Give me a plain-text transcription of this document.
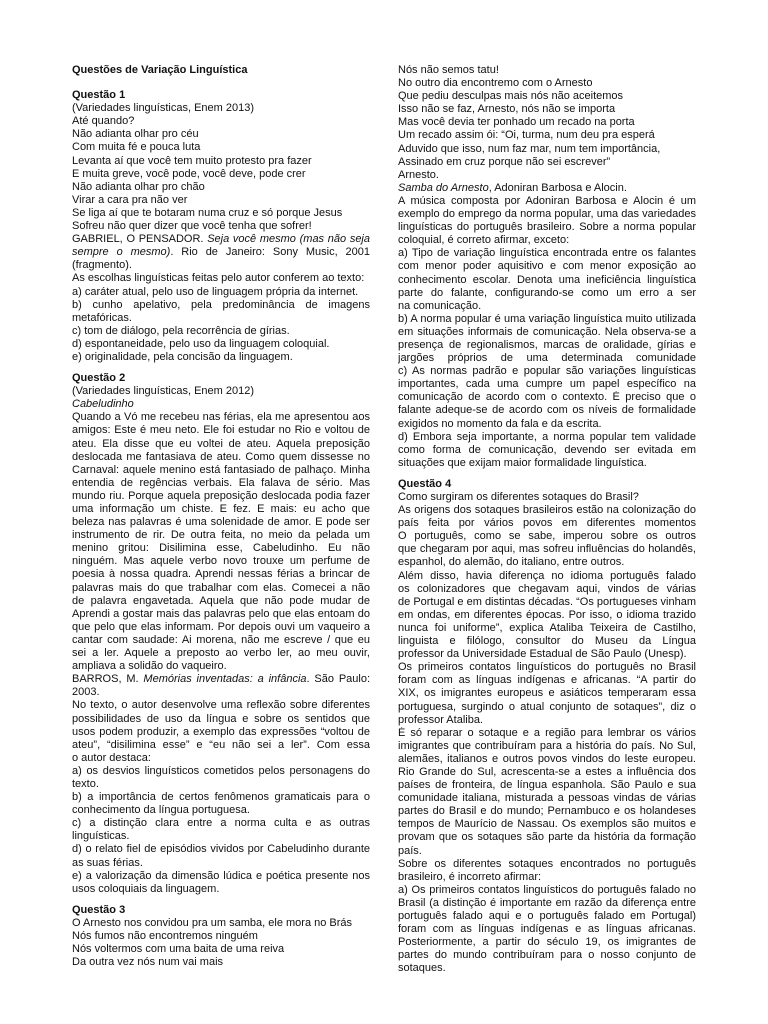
Questões de Variação Linguística

Questão 1

(Variedades linguísticas, Enem 2013)

Até quando?

Não adianta olhar pro céu

Com muita fé e pouca luta

Levanta aí que você tem muito protesto pra fazer

E muita greve, você pode, você deve, pode crer

Não adianta olhar pro chão

Virar a cara pra não ver

Se liga aí que te botaram numa cruz e só porque Jesus

Sofreu não quer dizer que você tenha que sofrer!

GABRIEL, O PENSADOR. Seja você mesmo (mas não seja

sempre o mesmo). Rio de Janeiro: Sony Music, 2001

(fragmento).

As escolhas linguísticas feitas pelo autor conferem ao texto:

a) caráter atual, pelo uso de linguagem própria da internet.

b) cunho apelativo, pela predominância de imagens

metafóricas.

c) tom de diálogo, pela recorrência de gírias.

d) espontaneidade, pelo uso da linguagem coloquial.

e) originalidade, pela concisão da linguagem.

Questão 2

(Variedades linguísticas, Enem 2012)

Cabeludinho

Quando a Vó me recebeu nas férias, ela me apresentou aos

amigos: Este é meu neto. Ele foi estudar no Rio e voltou de

ateu. Ela disse que eu voltei de ateu. Aquela preposição

deslocada me fantasiava de ateu. Como quem dissesse no

Carnaval: aquele menino está fantasiado de palhaço. Minha

entendia de regências verbais. Ela falava de sério. Mas

mundo riu. Porque aquela preposição deslocada podia fazer

uma informação um chiste. E fez. E mais: eu acho que

beleza nas palavras é uma solenidade de amor. E pode ser

instrumento de rir. De outra feita, no meio da pelada um

menino gritou: Disilimina esse, Cabeludinho. Eu não

ninguém. Mas aquele verbo novo trouxe um perfume de

poesia à nossa quadra. Aprendi nessas férias a brincar de

palavras mais do que trabalhar com elas. Comecei a não

de palavra engavetada. Aquela que não pode mudar de

Aprendi a gostar mais das palavras pelo que elas entoam do

que pelo que elas informam. Por depois ouvi um vaqueiro a

cantar com saudade: Ai morena, não me escreve / que eu

sei a ler. Aquele a preposto ao verbo ler, ao meu ouvir,

ampliava a solidão do vaqueiro.

BARROS, M. Memórias inventadas: a infância. São Paulo:

2003.

No texto, o autor desenvolve uma reflexão sobre diferentes

possibilidades de uso da língua e sobre os sentidos que

usos podem produzir, a exemplo das expressões “voltou de

ateu”, “disilimina esse” e “eu não sei a ler”. Com essa

o autor destaca:

a) os desvios linguísticos cometidos pelos personagens do

texto.

b) a importância de certos fenômenos gramaticais para o

conhecimento da língua portuguesa.

c) a distinção clara entre a norma culta e as outras

linguísticas.

d) o relato fiel de episódios vividos por Cabeludinho durante

as suas férias.

e) a valorização da dimensão lúdica e poética presente nos

usos coloquiais da linguagem.

Questão 3

O Arnesto nos convidou pra um samba, ele mora no Brás

Nós fumos não encontremos ninguém

Nós voltermos com uma baita de uma reiva

Da outra vez nós num vai mais

Nós não semos tatu!

No outro dia encontremo com o Arnesto

Que pediu desculpas mais nós não aceitemos

Isso não se faz, Arnesto, nós não se importa

Mas você devia ter ponhado um recado na porta

Um recado assim ói: “Oi, turma, num deu pra esperá

Aduvido que isso, num faz mar, num tem importância,

Assinado em cruz porque não sei escrever”

Arnesto.

Samba do Arnesto, Adoniran Barbosa e Alocin.

A música composta por Adoniran Barbosa e Alocin é um

exemplo do emprego da norma popular, uma das variedades

linguísticas do português brasileiro. Sobre a norma popular

coloquial, é correto afirmar, exceto:

a) Tipo de variação linguística encontrada entre os falantes

com menor poder aquisitivo e com menor exposição ao

conhecimento escolar. Denota uma ineficiência linguística

parte do falante, configurando-se como um erro a ser

na comunicação.

b) A norma popular é uma variação linguística muito utilizada

em situações informais de comunicação. Nela observa-se a

presença de regionalismos, marcas de oralidade, gírias e

jargões próprios de uma determinada comunidade

c) As normas padrão e popular são variações linguísticas

importantes, cada uma cumpre um papel específico na

comunicação de acordo com o contexto. É preciso que o

falante adeque-se de acordo com os níveis de formalidade

exigidos no momento da fala e da escrita.

d) Embora seja importante, a norma popular tem validade

como forma de comunicação, devendo ser evitada em

situações que exijam maior formalidade linguística.

Questão 4

Como surgiram os diferentes sotaques do Brasil?

As origens dos sotaques brasileiros estão na colonização do

país feita por vários povos em diferentes momentos

O português, como se sabe, imperou sobre os outros

que chegaram por aqui, mas sofreu influências do holandês,

espanhol, do alemão, do italiano, entre outros.

Além disso, havia diferença no idioma português falado

os colonizadores que chegavam aqui, vindos de várias

de Portugal e em distintas décadas. “Os portugueses vinham

em ondas, em diferentes épocas. Por isso, o idioma trazido

nunca foi uniforme”, explica Ataliba Teixeira de Castilho,

linguista e filólogo, consultor do Museu da Língua

professor da Universidade Estadual de São Paulo (Unesp).

Os primeiros contatos linguísticos do português no Brasil

foram com as línguas indígenas e africanas. “A partir do

XIX, os imigrantes europeus e asiáticos temperaram essa

portuguesa, surgindo o atual conjunto de sotaques”, diz o

professor Ataliba.

É só reparar o sotaque e a região para lembrar os vários

imigrantes que contribuíram para a história do país. No Sul,

alemães, italianos e outros povos vindos do leste europeu.

Rio Grande do Sul, acrescenta-se a estes a influência dos

países de fronteira, de língua espanhola. São Paulo e sua

comunidade italiana, misturada a pessoas vindas de várias

partes do Brasil e do mundo; Pernambuco e os holandeses

tempos de Maurício de Nassau. Os exemplos são muitos e

provam que os sotaques são parte da história da formação

país.

Sobre os diferentes sotaques encontrados no português

brasileiro, é incorreto afirmar:

a) Os primeiros contatos linguísticos do português falado no

Brasil (a distinção é importante em razão da diferença entre

português falado aqui e o português falado em Portugal)

foram com as línguas indígenas e as línguas africanas.

Posteriormente, a partir do século 19, os imigrantes de

partes do mundo contribuíram para o nosso conjunto de

sotaques.
